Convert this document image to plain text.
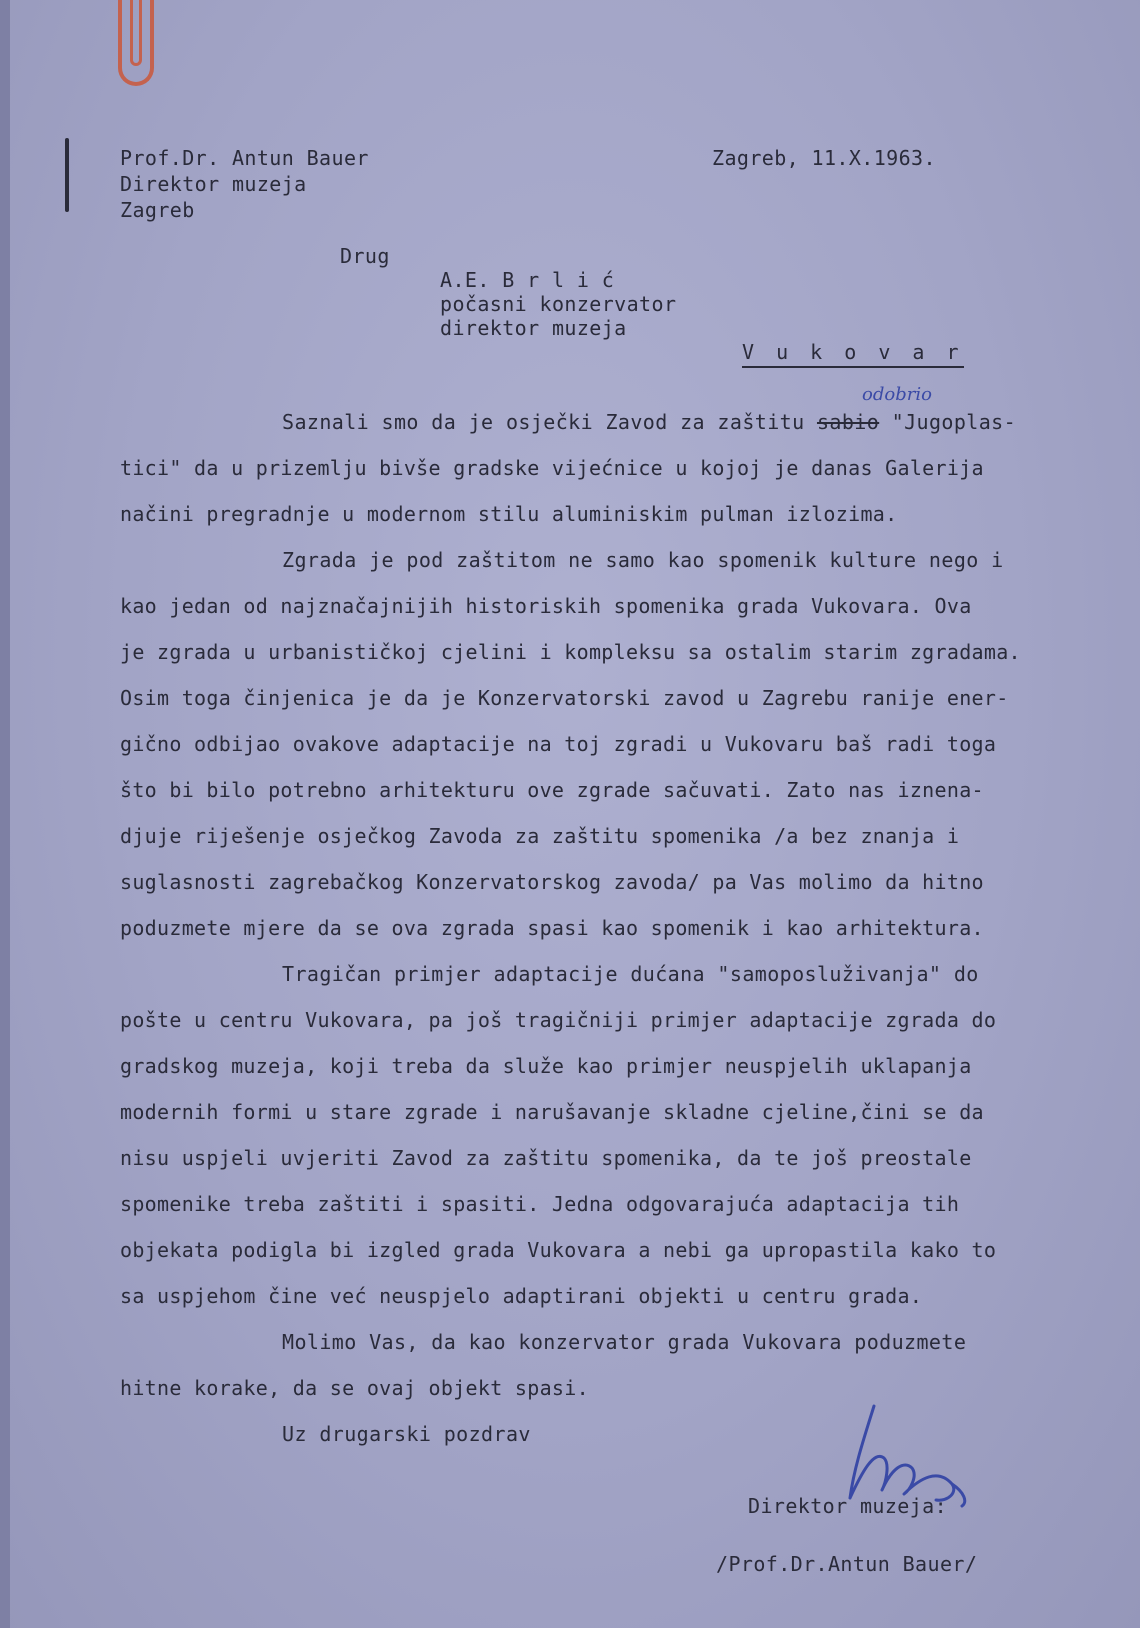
Prof.Dr. Antun Bauer

Direktor muzeja

Zagreb

Zagreb, 11.X.1963.

Drug

A.E. B r l i ć

počasni konzervator

direktor muzeja

V u k o v a r

odobrio

Saznali smo da je osječki Zavod za zaštitu sabio "Jugoplas-

tici" da u prizemlju bivše gradske vijećnice u kojoj je danas Galerija

načini pregradnje u modernom stilu aluminiskim pulman izlozima.

Zgrada je pod zaštitom ne samo kao spomenik kulture nego i

kao jedan od najznačajnijih historiskih spomenika grada Vukovara. Ova

je zgrada u urbanističkoj cjelini i kompleksu sa ostalim starim zgradama.

Osim toga činjenica je da je Konzervatorski zavod u Zagrebu ranije ener-

gično odbijao ovakove adaptacije na toj zgradi u Vukovaru baš radi toga

što bi bilo potrebno arhitekturu ove zgrade sačuvati. Zato nas iznena-

djuje riješenje osječkog Zavoda za zaštitu spomenika /a bez znanja i

suglasnosti zagrebačkog Konzervatorskog zavoda/ pa Vas molimo da hitno

poduzmete mjere da se ova zgrada spasi kao spomenik i kao arhitektura.

Tragičan primjer adaptacije dućana "samoposluživanja" do

pošte u centru Vukovara, pa još tragičniji primjer adaptacije zgrada do

gradskog muzeja, koji treba da služe kao primjer neuspjelih uklapanja

modernih formi u stare zgrade i narušavanje skladne cjeline,čini se da

nisu uspjeli uvjeriti Zavod za zaštitu spomenika, da te još preostale

spomenike treba zaštiti i spasiti. Jedna odgovarajuća adaptacija tih

objekata podigla bi izgled grada Vukovara a nebi ga upropastila kako to

sa uspjehom čine već neuspjelo adaptirani objekti u centru grada.

Molimo Vas, da kao konzervator grada Vukovara poduzmete

hitne korake, da se ovaj objekt spasi.

Uz drugarski pozdrav

Direktor muzeja:

/Prof.Dr.Antun Bauer/
